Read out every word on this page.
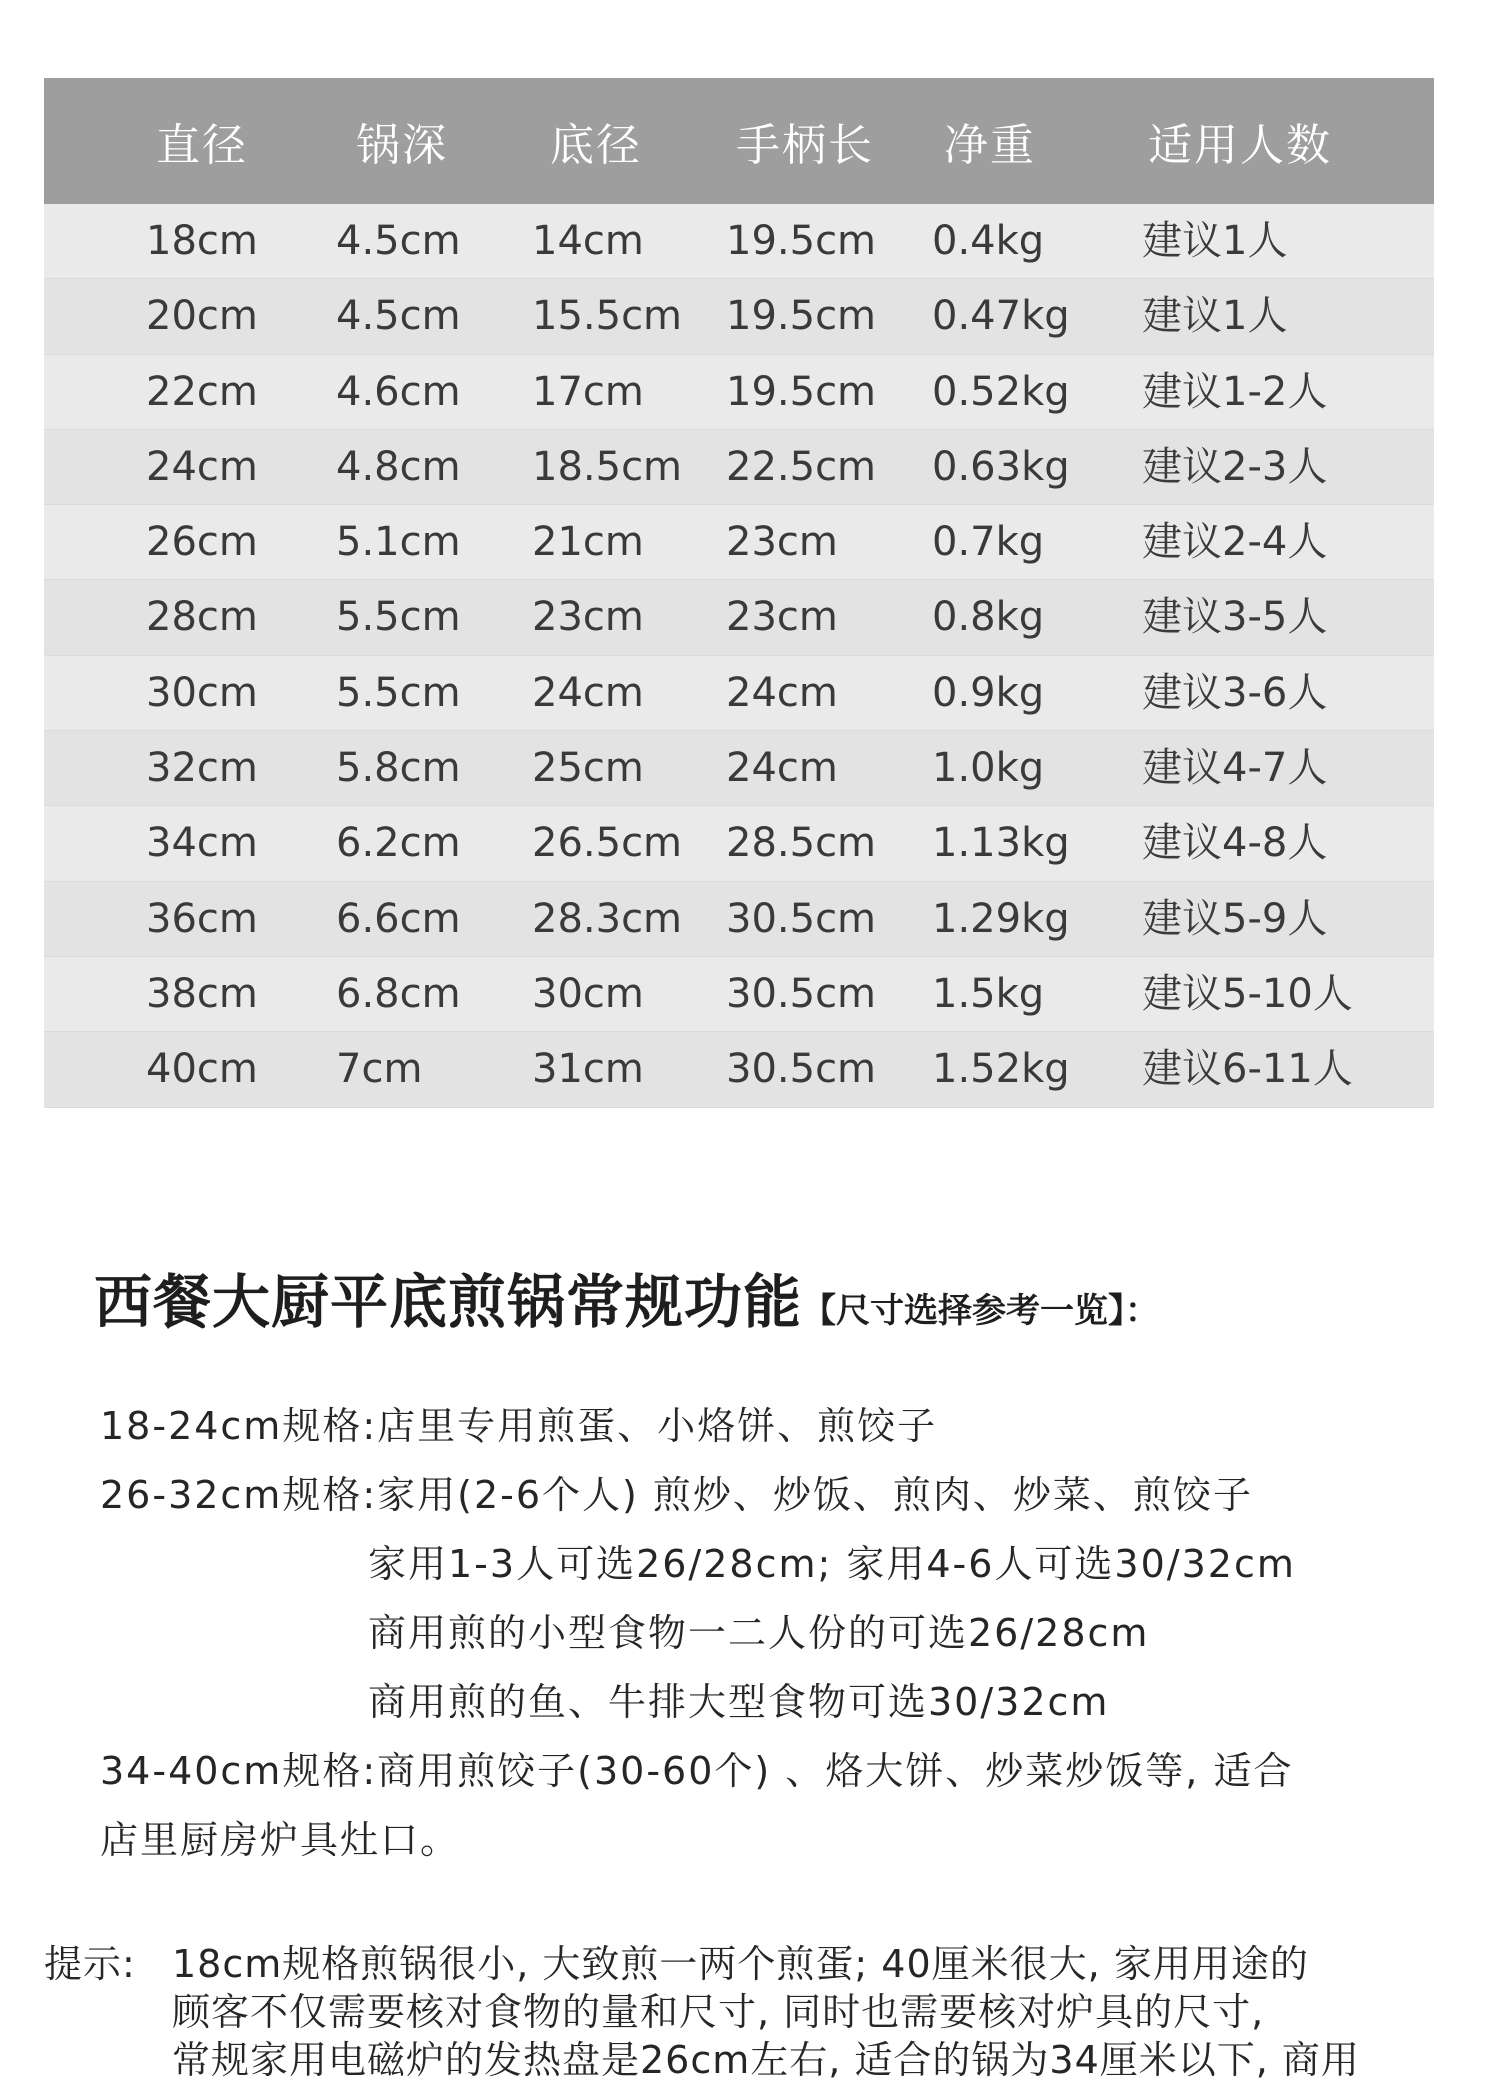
直径 锅深 底径 手柄长 净重	适用人数
18cm 4.5cm 14cm 19.5cm 0.4kg 建议1人
20cm 4.5cm 15.5cm 19.5cm 0.47kg 建议1人
22cm 4.6cm 17cm 19.5cm 0.52kg 建议1-2人
24cm 4.8cm 18.5cm 22.5cm 0.63kg 建议2-3人
26cm 5.1cm 21cm 23cm 0.7kg 建议2-4人
28cm 5.5cm 23cm 23cm 0.8kg 建议3-5人
30cm 5.5cm 24cm 24cm 0.9kg 建议3-6人
32cm 5.8cm 25cm 24cm 1.0kg 建议4-7人
34cm 6.2cm 26.5cm 28.5cm 1.13kg 建议4-8人
36cm 6.6cm 28.3cm 30.5cm 1.29kg 建议5-9人
38cm 6.8cm 30cm 30.5cm 1.5kg 建议5-10人
40cm 7cm	31cm 30.5cm 1.52kg 建议6-11人
西餐大厨平底煎锅常规功能【尺寸选择参考一览】：
18-24cm规格:店里专用煎蛋、小烙饼、煎饺子
26-32cm规格:家用(2-6个人) 煎炒、炒饭、煎肉、炒菜、煎饺子
家用1-3人可选26/28cm; 家用4-6人可选30/32cm
商用煎的小型食物一二人份的可选26/28cm
商用煎的鱼、牛排大型食物可选30/32cm
34-40cm规格:商用煎饺子(30-60个) 、烙大饼、炒菜炒饭等, 适合
店里厨房炉具灶口。
提示: 18cm规格煎锅很小, 大致煎一两个煎蛋; 40厘米很大, 家用用途的
顾客不仅需要核对食物的量和尺寸, 同时也需要核对炉具的尺寸,
常规家用电磁炉的发热盘是26cm左右, 适合的锅为34厘米以下, 商用
